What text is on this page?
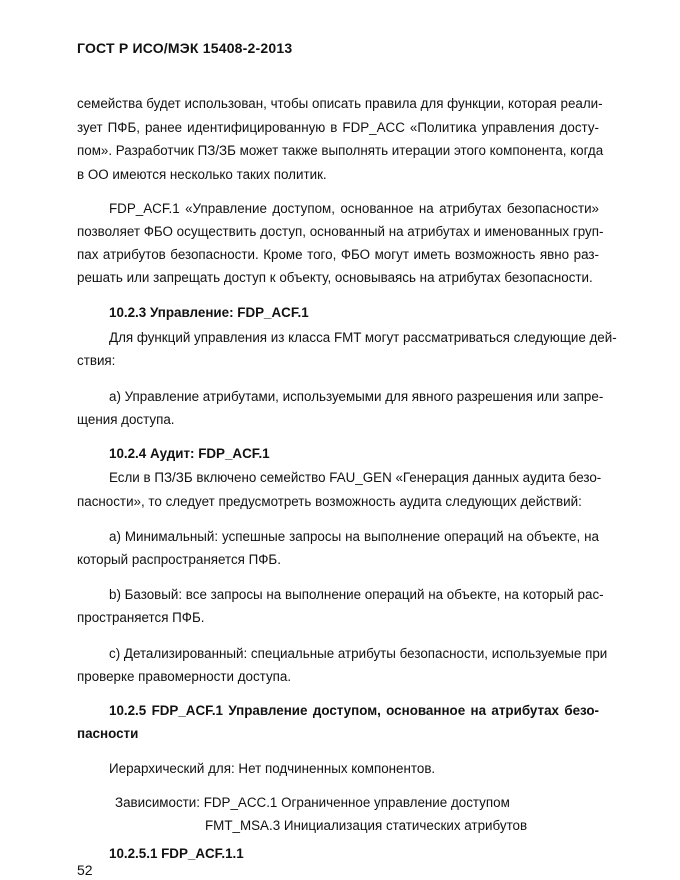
ГОСТ Р ИСО/МЭК 15408-2-2013
семейства будет использован, чтобы описать правила для функции, которая реали-
зует ПФБ, ранее идентифицированную в FDP_ACC «Политика управления досту-
пом». Разработчик ПЗ/ЗБ может также выполнять итерации этого компонента, когда
в ОО имеются несколько таких политик.
FDP_ACF.1 «Управление доступом, основанное на атрибутах безопасности»
позволяет ФБО осуществить доступ, основанный на атрибутах и именованных груп-
пах атрибутов безопасности. Кроме того, ФБО могут иметь возможность явно раз-
решать или запрещать доступ к объекту, основываясь на атрибутах безопасности.
10.2.3 Управление: FDP_ACF.1
Для функций управления из класса FMT могут рассматриваться следующие дей-
ствия:
a) Управление атрибутами, используемыми для явного разрешения или запре-
щения доступа.
10.2.4 Аудит: FDP_ACF.1
Если в ПЗ/ЗБ включено семейство FAU_GEN «Генерация данных аудита безо-
пасности», то следует предусмотреть возможность аудита следующих действий:
a) Минимальный: успешные запросы на выполнение операций на объекте, на
который распространяется ПФБ.
b) Базовый: все запросы на выполнение операций на объекте, на который рас-
пространяется ПФБ.
c) Детализированный: специальные атрибуты безопасности, используемые при
проверке правомерности доступа.
10.2.5 FDP_ACF.1 Управление доступом, основанное на атрибутах безо-
пасности
Иерархический для: Нет подчиненных компонентов.
Зависимости: FDP_ACC.1 Ограниченное управление доступом
FMT_MSA.3 Инициализация статических атрибутов
10.2.5.1 FDP_ACF.1.1
52
